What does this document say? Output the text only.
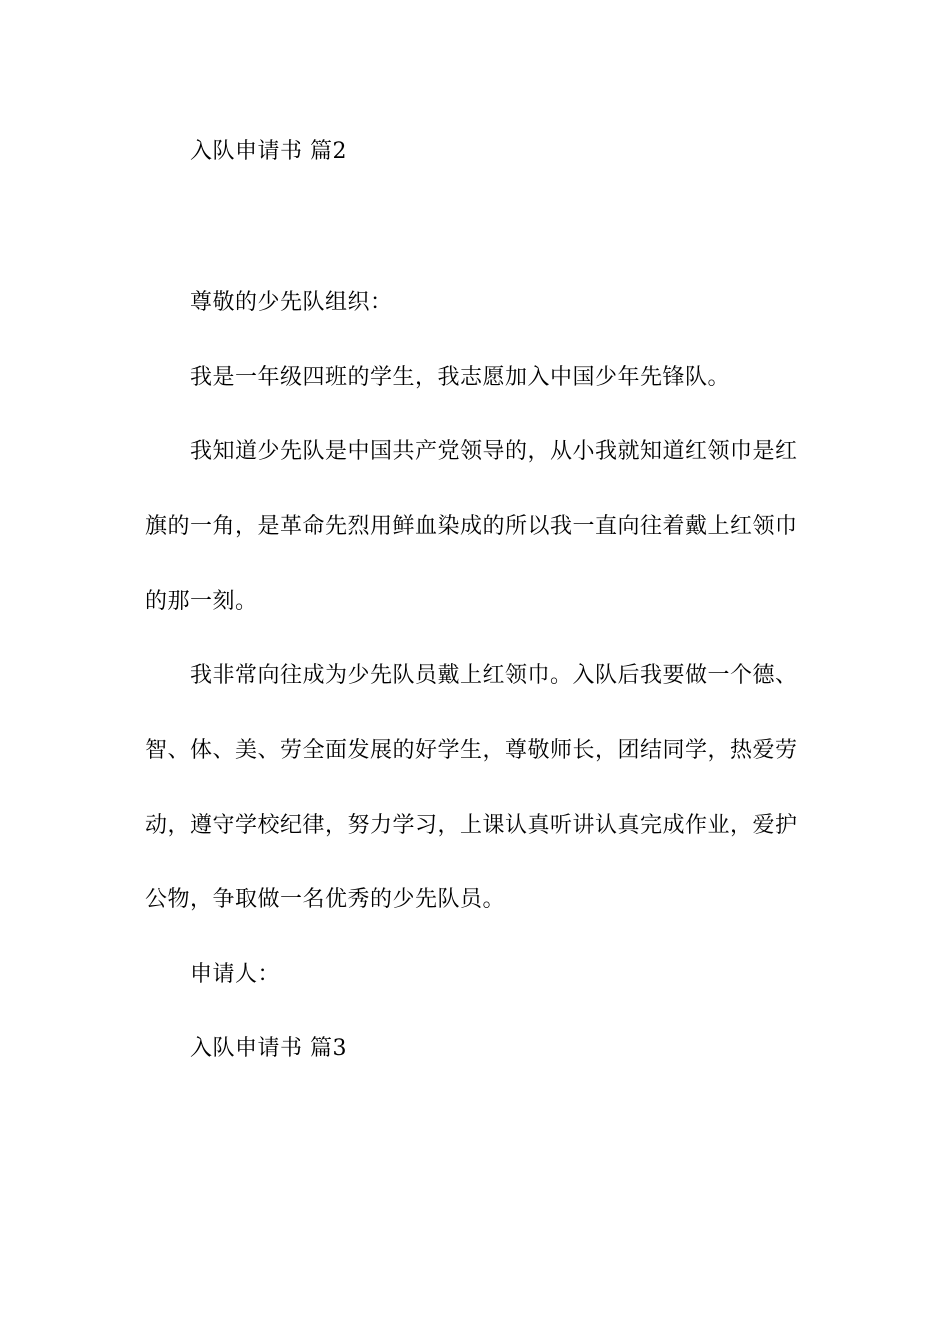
入队申请书 篇2
尊敬的少先队组织：
我是一年级四班的学生，我志愿加入中国少年先锋队。
我知道少先队是中国共产党领导的，从小我就知道红领巾是红
旗的一角，是革命先烈用鲜血染成的所以我一直向往着戴上红领巾
的那一刻。
我非常向往成为少先队员戴上红领巾。入队后我要做一个德、
智、体、美、劳全面发展的好学生，尊敬师长，团结同学，热爱劳
动，遵守学校纪律，努力学习，上课认真听讲认真完成作业，爱护
公物，争取做一名优秀的少先队员。
申请人：
入队申请书 篇3
